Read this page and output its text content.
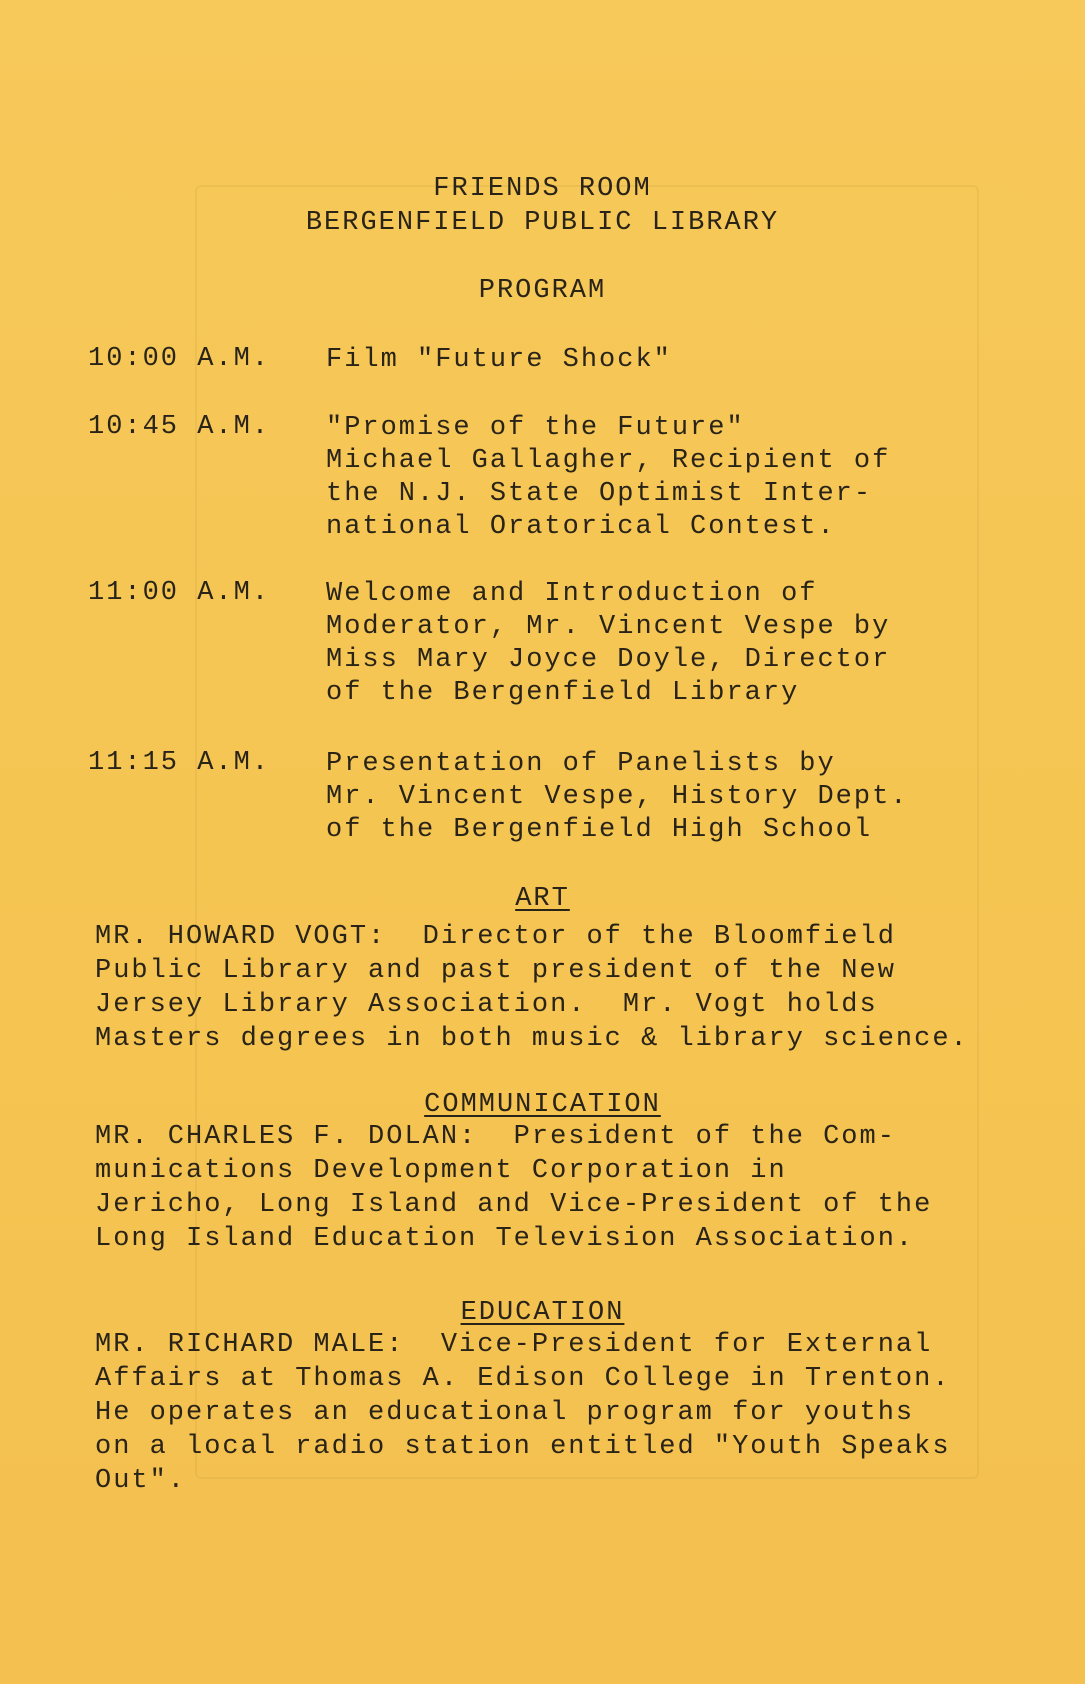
FRIENDS ROOM
BERGENFIELD PUBLIC LIBRARY
PROGRAM
10:00 A.M. Film "Future Shock"
10:45 A.M. "Promise of the Future"
Michael Gallagher, Recipient of
the N.J. State Optimist Inter-
national Oratorical Contest.
11:00 A.M. Welcome and Introduction of
Moderator, Mr. Vincent Vespe by
Miss Mary Joyce Doyle, Director
of the Bergenfield Library
11:15 A.M. Presentation of Panelists by
Mr. Vincent Vespe, History Dept.
of the Bergenfield High School
ART
MR. HOWARD VOGT:  Director of the Bloomfield
Public Library and past president of the New
Jersey Library Association.  Mr. Vogt holds
Masters degrees in both music & library science.
COMMUNICATION
MR. CHARLES F. DOLAN:  President of the Com-
munications Development Corporation in
Jericho, Long Island and Vice-President of the
Long Island Education Television Association.
EDUCATION
MR. RICHARD MALE:  Vice-President for External
Affairs at Thomas A. Edison College in Trenton.
He operates an educational program for youths
on a local radio station entitled "Youth Speaks
Out".
